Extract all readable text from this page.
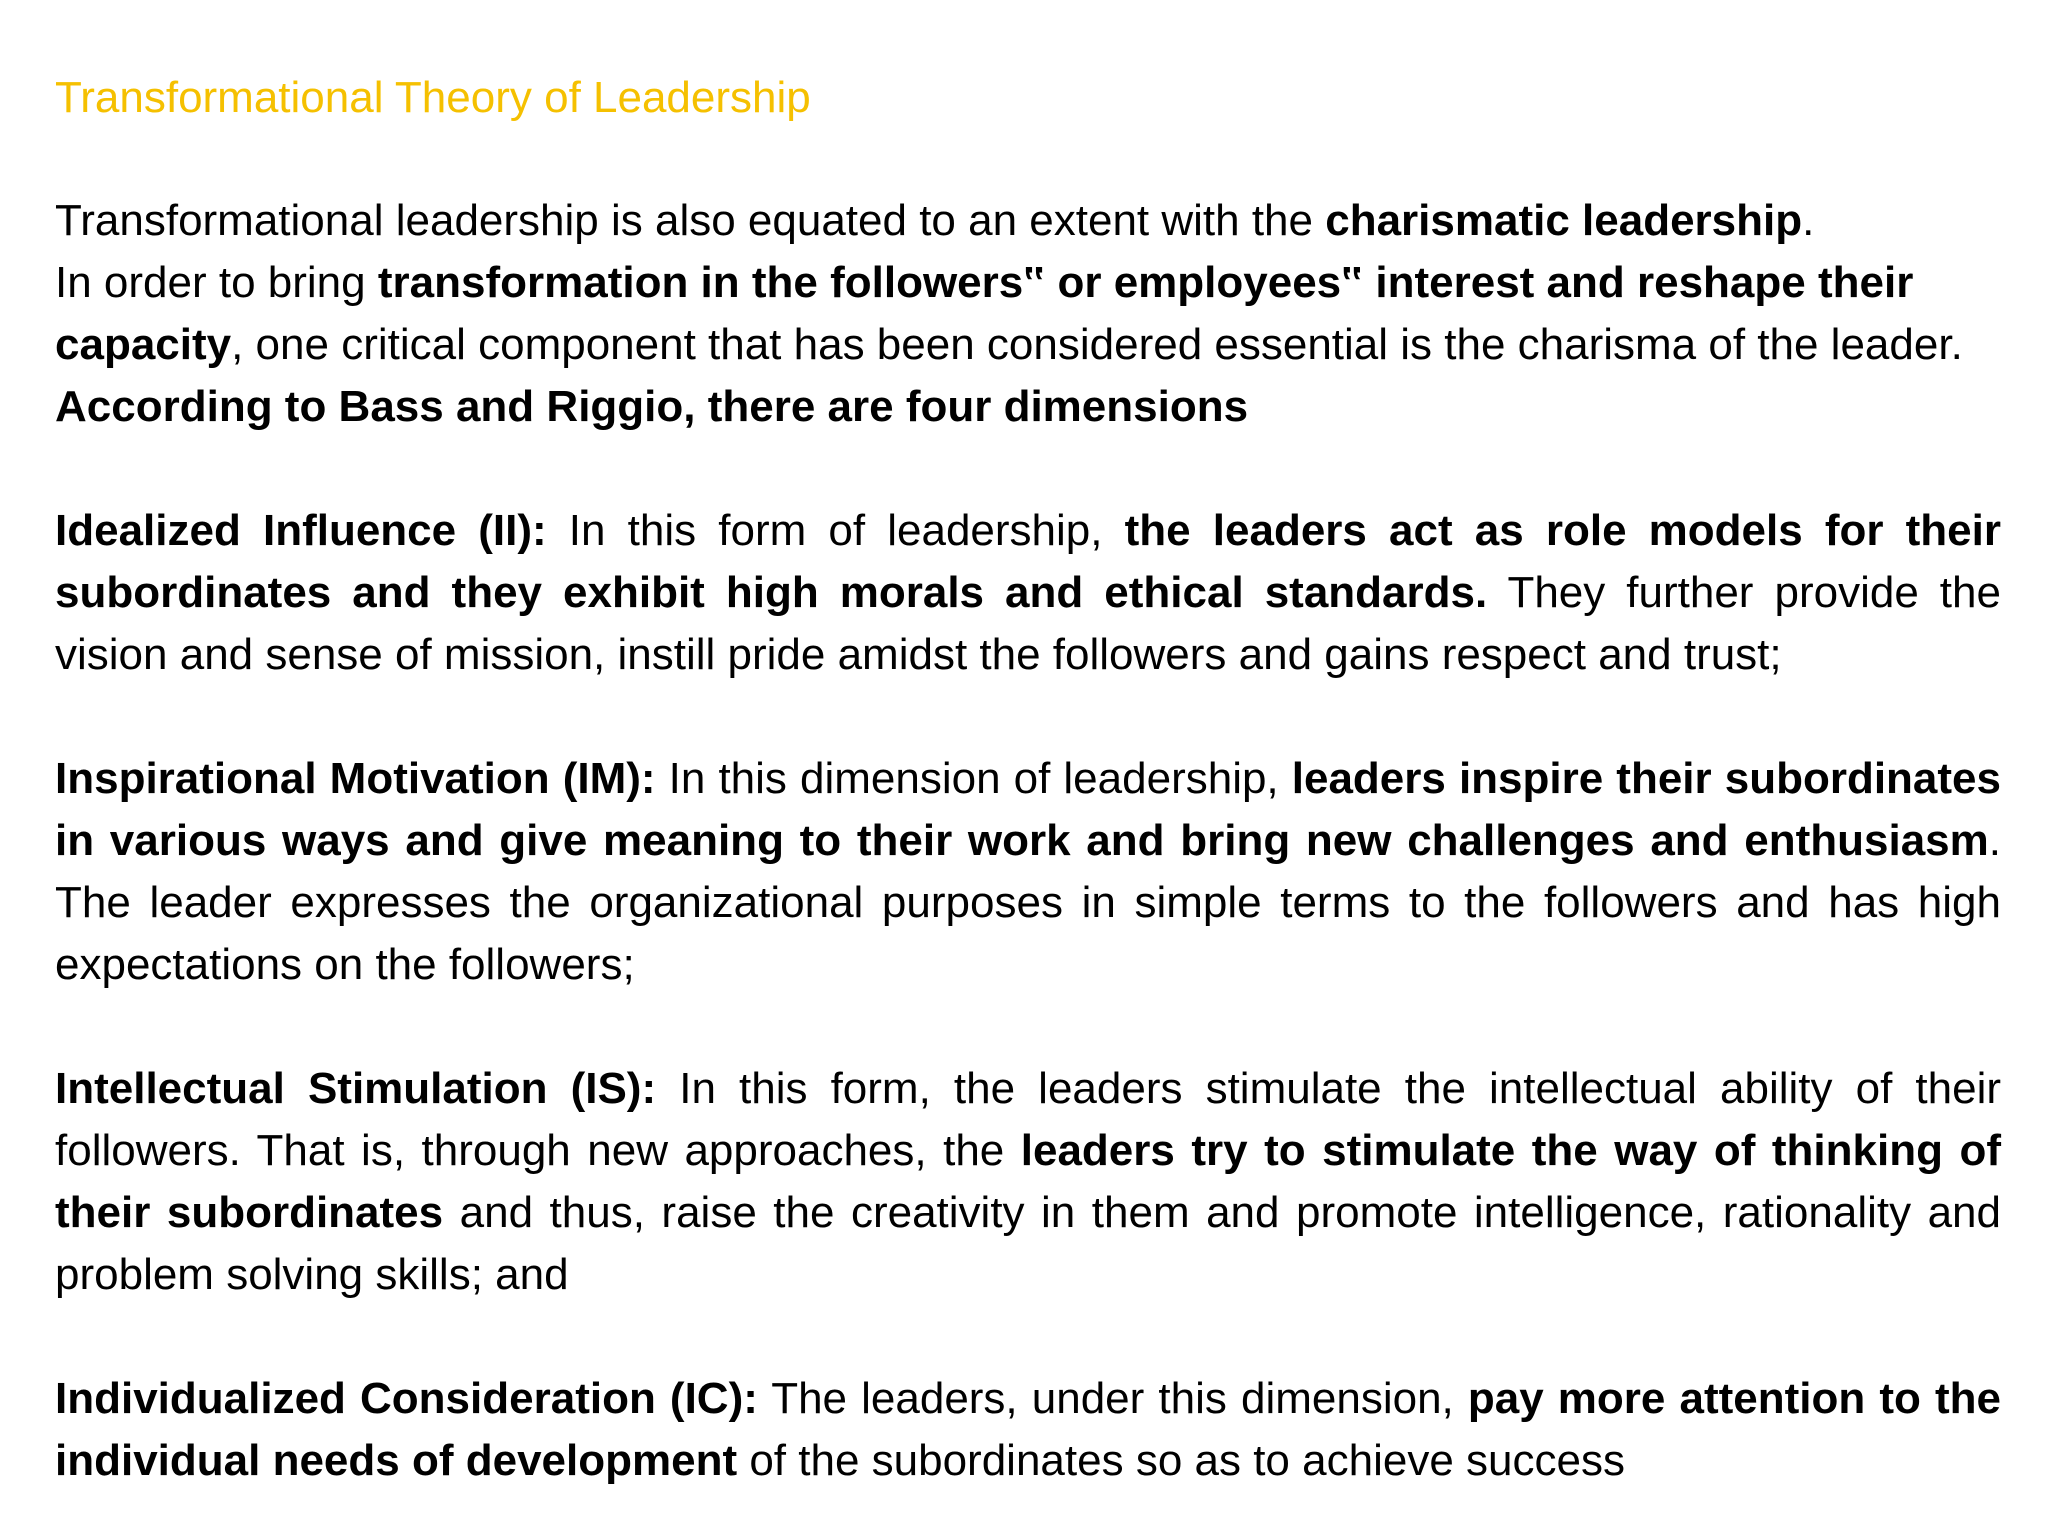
Transformational Theory of Leadership

Transformational leadership is also equated to an extent with the charismatic leadership.
In order to bring transformation in the followers‟ or employees‟ interest and reshape their capacity, one critical component that has been considered essential is the charisma of the leader.   According to Bass and Riggio, there are four dimensions

Idealized Influence (II): In this form of leadership, the leaders act as role models for their subordinates and they exhibit high morals and ethical standards. They further provide the vision and sense of mission, instill pride amidst the followers and gains respect and trust;

Inspirational Motivation (IM): In this dimension of leadership, leaders inspire their subordinates in various ways and give meaning to their work and bring new challenges and enthusiasm. The leader expresses the organizational purposes in simple terms to the followers and has high expectations on the followers;

Intellectual Stimulation (IS): In this form, the leaders stimulate the intellectual ability of their followers. That is, through new approaches, the leaders try to stimulate the way of thinking of their subordinates and thus, raise the creativity in them and promote intelligence, rationality and problem solving skills; and

Individualized Consideration (IC): The leaders, under this dimension, pay more attention to the individual needs of development of the subordinates so as to achieve success
